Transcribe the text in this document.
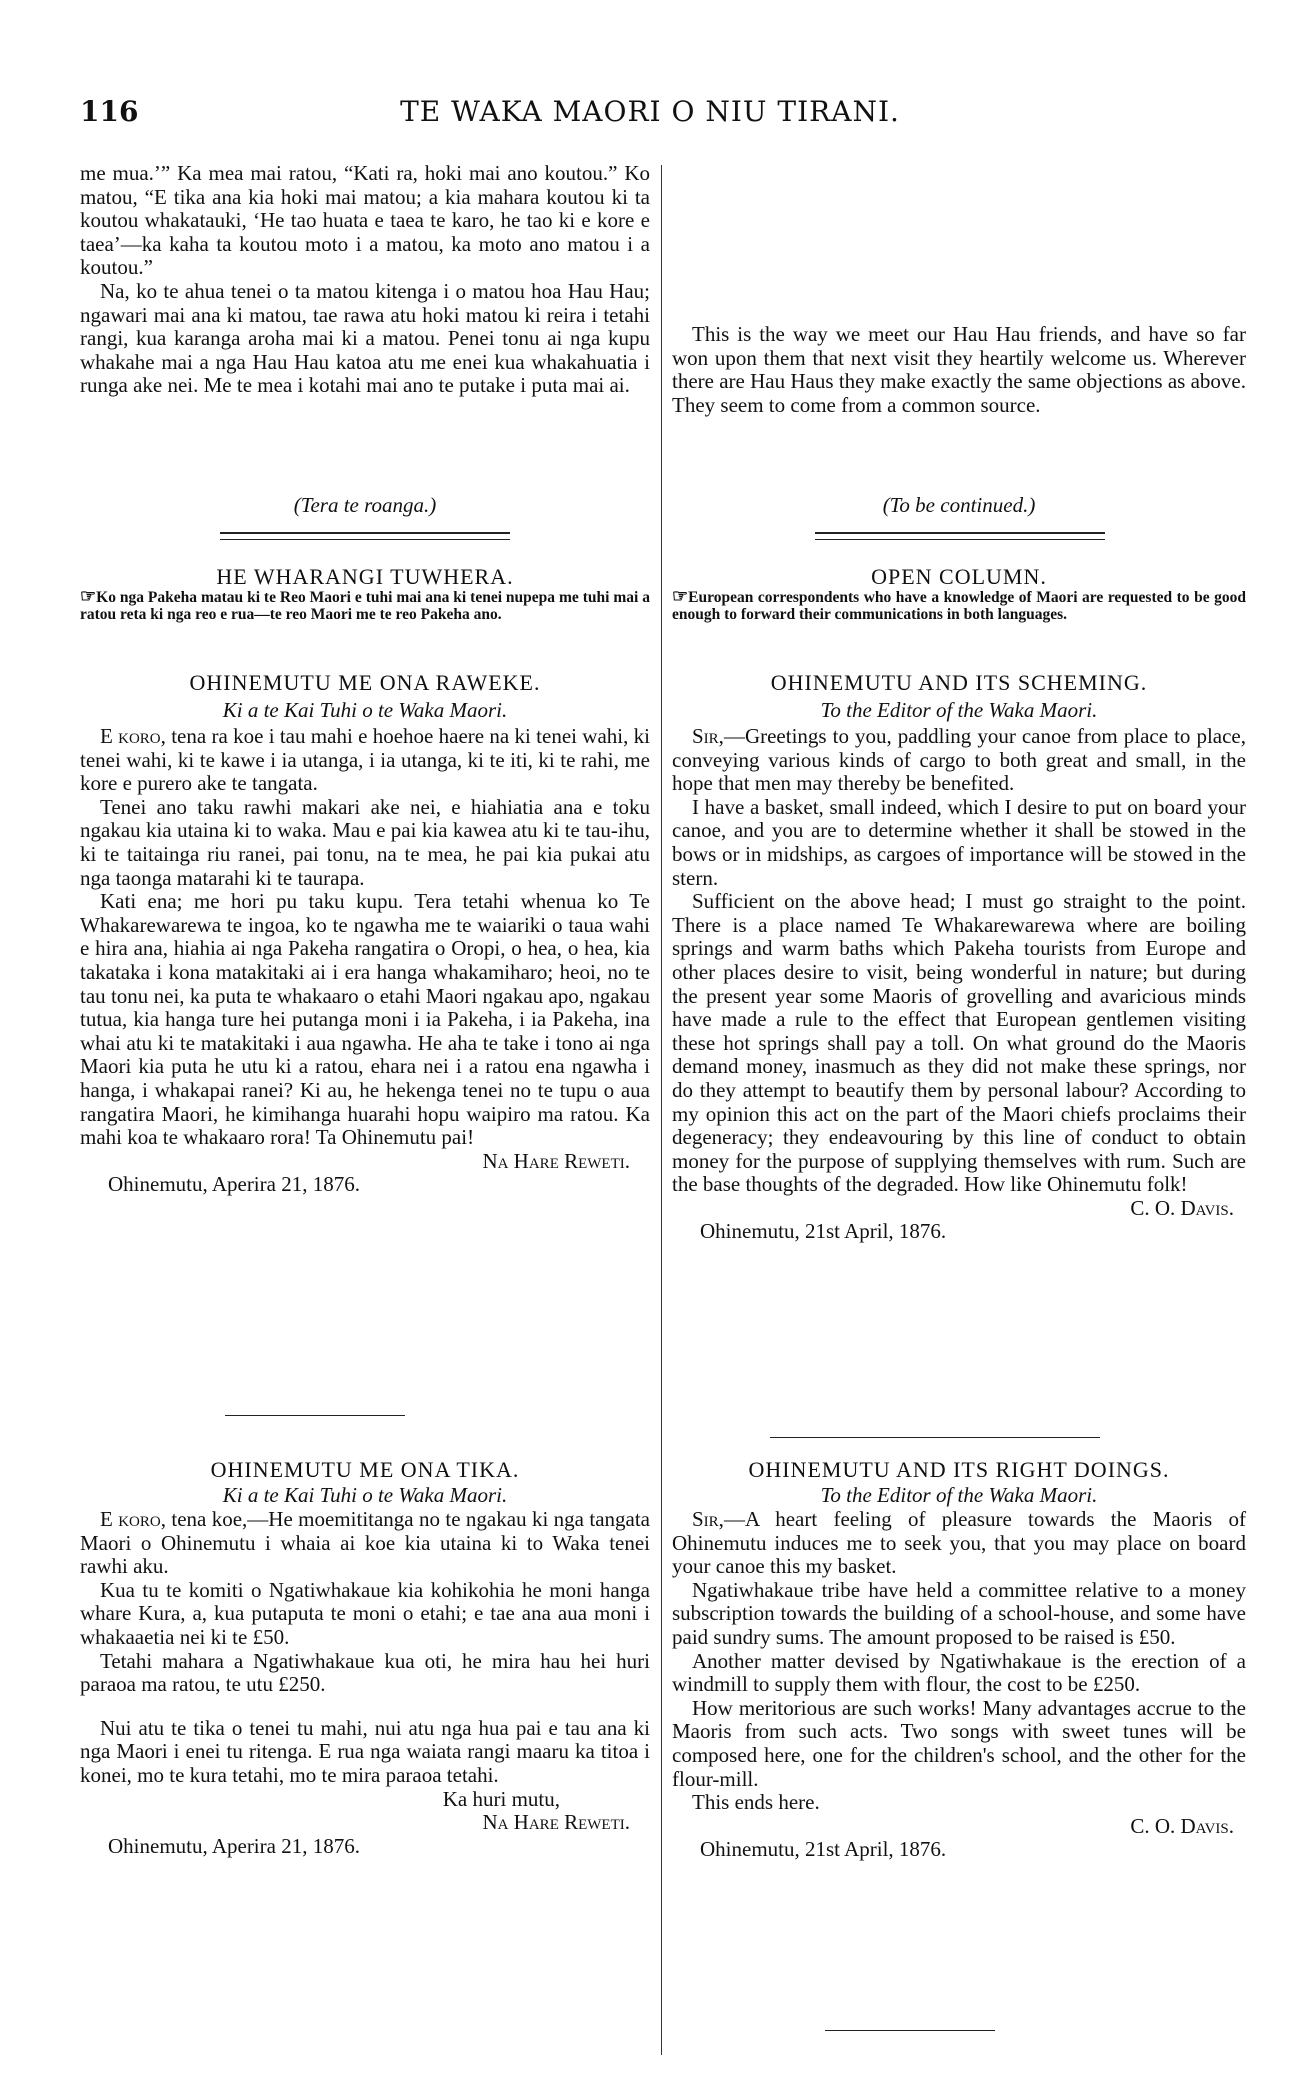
116	TE WAKA MAORI O NIU TIRANI.

me mua.’” Ka mea mai ratou, “Kati ra, hoki mai ano koutou.” Ko matou, “E tika ana kia hoki mai matou; a kia mahara koutou ki ta koutou whakatauki, ‘He tao huata e taea te karo, he tao ki e kore e taea’—ka kaha ta koutou moto i a matou, ka moto ano matou i a koutou.”

Na, ko te ahua tenei o ta matou kitenga i o matou hoa Hau Hau; ngawari mai ana ki matou, tae rawa atu hoki matou ki reira i tetahi rangi, kua karanga aroha mai ki a matou. Penei tonu ai nga kupu whakahe mai a nga Hau Hau katoa atu me enei kua whakahuatia i runga ake nei. Me te mea i kotahi mai ano te putake i puta mai ai.

(Tera te roanga.)
HE WHARANGI TUWHERA.
☞Ko nga Pakeha matau ki te Reo Maori e tuhi mai ana ki tenei nupepa me tuhi mai a ratou reta ki nga reo e rua—te reo Maori me te reo Pakeha ano.
OHINEMUTU ME ONA RAWEKE.
Ki a te Kai Tuhi o te Waka Maori.

E koro, tena ra koe i tau mahi e hoehoe haere na ki tenei wahi, ki tenei wahi, ki te kawe i ia utanga, i ia utanga, ki te iti, ki te rahi, me kore e purero ake te tangata.

Tenei ano taku rawhi makari ake nei, e hiahiatia ana e toku ngakau kia utaina ki to waka. Mau e pai kia kawea atu ki te tau-ihu, ki te taitainga riu ranei, pai tonu, na te mea, he pai kia pukai atu nga taonga matarahi ki te taurapa.

Kati ena; me hori pu taku kupu. Tera tetahi whenua ko Te Whakarewarewa te ingoa, ko te ngawha me te waiariki o taua wahi e hira ana, hiahia ai nga Pakeha rangatira o Oropi, o hea, o hea, kia takataka i kona matakitaki ai i era hanga whakamiharo; heoi, no te tau tonu nei, ka puta te whakaaro o etahi Maori ngakau apo, ngakau tutua, kia hanga ture hei putanga moni i ia Pakeha, i ia Pakeha, ina whai atu ki te matakitaki i aua ngawha. He aha te take i tono ai nga Maori kia puta he utu ki a ratou, ehara nei i a ratou ena ngawha i hanga, i whakapai ranei? Ki au, he hekenga tenei no te tupu o aua rangatira Maori, he kimihanga huarahi hopu waipiro ma ratou. Ka mahi koa te whakaaro rora! Ta Ohinemutu pai!

Na Hare Reweti.

Ohinemutu, Aperira 21, 1876.

OHINEMUTU ME ONA TIKA.
Ki a te Kai Tuhi o te Waka Maori.

E koro, tena koe,—He moemititanga no te ngakau ki nga tangata Maori o Ohinemutu i whaia ai koe kia utaina ki to Waka tenei rawhi aku.

Kua tu te komiti o Ngatiwhakaue kia kohikohia he moni hanga whare Kura, a, kua putaputa te moni o etahi; e tae ana aua moni i whakaaetia nei ki te £50.

Tetahi mahara a Ngatiwhakaue kua oti, he mira hau hei huri paraoa ma ratou, te utu £250.

Nui atu te tika o tenei tu mahi, nui atu nga hua pai e tau ana ki nga Maori i enei tu ritenga. E rua nga waiata rangi maaru ka titoa i konei, mo te kura tetahi, mo te mira paraoa tetahi.

Ka huri mutu,

Na Hare Reweti.

Ohinemutu, Aperira 21, 1876.

This is the way we meet our Hau Hau friends, and have so far won upon them that next visit they heartily welcome us. Wherever there are Hau Haus they make exactly the same objections as above. They seem to come from a common source.

(To be continued.)
OPEN COLUMN.
☞European correspondents who have a knowledge of Maori are requested to be good enough to forward their communications in both languages.
OHINEMUTU AND ITS SCHEMING.
To the Editor of the Waka Maori.

Sir,—Greetings to you, paddling your canoe from place to place, conveying various kinds of cargo to both great and small, in the hope that men may thereby be benefited.

I have a basket, small indeed, which I desire to put on board your canoe, and you are to determine whether it shall be stowed in the bows or in midships, as cargoes of importance will be stowed in the stern.

Sufficient on the above head; I must go straight to the point. There is a place named Te Whakarewarewa where are boiling springs and warm baths which Pakeha tourists from Europe and other places desire to visit, being wonderful in nature; but during the present year some Maoris of grovelling and avaricious minds have made a rule to the effect that European gentlemen visiting these hot springs shall pay a toll. On what ground do the Maoris demand money, inasmuch as they did not make these springs, nor do they attempt to beautify them by personal labour? According to my opinion this act on the part of the Maori chiefs proclaims their degeneracy; they endeavouring by this line of conduct to obtain money for the purpose of supplying themselves with rum. Such are the base thoughts of the degraded. How like Ohinemutu folk!

C. O. Davis.

Ohinemutu, 21st April, 1876.

OHINEMUTU AND ITS RIGHT DOINGS.
To the Editor of the Waka Maori.

Sir,—A heart feeling of pleasure towards the Maoris of Ohinemutu induces me to seek you, that you may place on board your canoe this my basket.

Ngatiwhakaue tribe have held a committee relative to a money subscription towards the building of a school-house, and some have paid sundry sums. The amount proposed to be raised is £50.

Another matter devised by Ngatiwhakaue is the erection of a windmill to supply them with flour, the cost to be £250.

How meritorious are such works! Many advantages accrue to the Maoris from such acts. Two songs with sweet tunes will be composed here, one for the children's school, and the other for the flour-mill.

This ends here.

C. O. Davis.

Ohinemutu, 21st April, 1876.
